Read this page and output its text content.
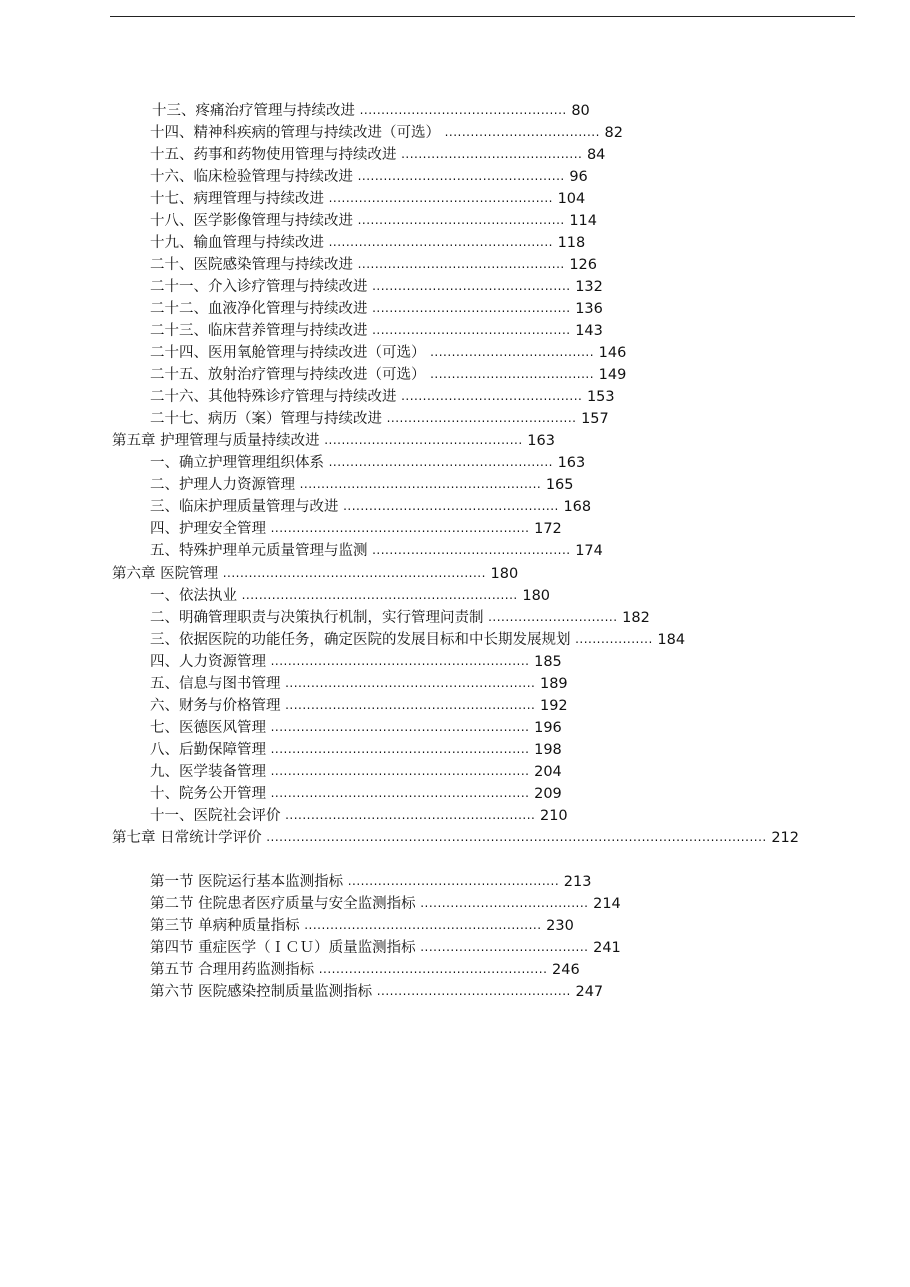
十三、疼痛治疗管理与持续改进 ................................................ 80
十四、精神科疾病的管理与持续改进（可选） .................................... 82
十五、药事和药物使用管理与持续改进 .......................................... 84
十六、临床检验管理与持续改进 ................................................ 96
十七、病理管理与持续改进 .................................................... 104
十八、医学影像管理与持续改进 ................................................ 114
十九、输血管理与持续改进 .................................................... 118
二十、医院感染管理与持续改进 ................................................ 126
二十一、介入诊疗管理与持续改进 .............................................. 132
二十二、血液净化管理与持续改进 .............................................. 136
二十三、临床营养管理与持续改进 .............................................. 143
二十四、医用氧舱管理与持续改进（可选） ...................................... 146
二十五、放射治疗管理与持续改进（可选） ...................................... 149
二十六、其他特殊诊疗管理与持续改进 .......................................... 153
二十七、病历（案）管理与持续改进 ............................................ 157
第五章 护理管理与质量持续改进 .............................................. 163
一、确立护理管理组织体系 .................................................... 163
二、护理人力资源管理 ........................................................ 165
三、临床护理质量管理与改进 .................................................. 168
四、护理安全管理 ............................................................ 172
五、特殊护理单元质量管理与监测 .............................................. 174
第六章 医院管理 ............................................................. 180
一、依法执业 ................................................................ 180
二、明确管理职责与决策执行机制，实行管理问责制 .............................. 182
三、依据医院的功能任务，确定医院的发展目标和中长期发展规划 .................. 184
四、人力资源管理 ............................................................ 185
五、信息与图书管理 .......................................................... 189
六、财务与价格管理 .......................................................... 192
七、医德医风管理 ............................................................ 196
八、后勤保障管理 ............................................................ 198
九、医学装备管理 ............................................................ 204
十、院务公开管理 ............................................................ 209
十一、医院社会评价 .......................................................... 210
第七章 日常统计学评价 .................................................................................................................... 212
第一节 医院运行基本监测指标 ................................................. 213
第二节 住院患者医疗质量与安全监测指标 ....................................... 214
第三节 单病种质量指标 ....................................................... 230
第四节 重症医学（ＩＣＵ）质量监测指标 ....................................... 241
第五节 合理用药监测指标 ..................................................... 246
第六节 医院感染控制质量监测指标 ............................................. 247
